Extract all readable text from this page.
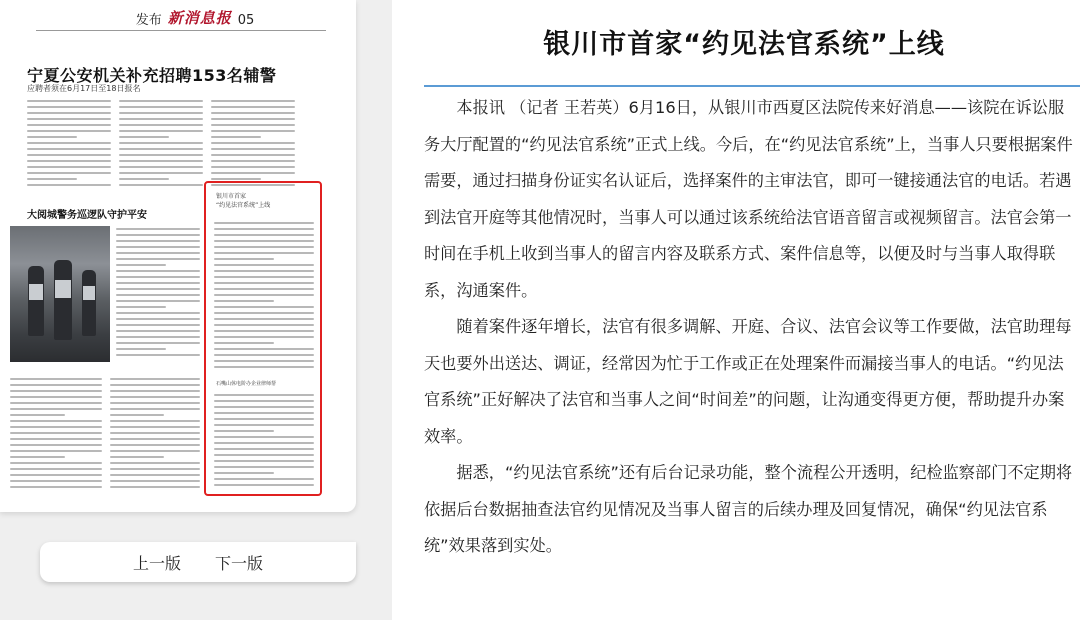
发布 新消息报 05
宁夏公安机关补充招聘153名辅警
应聘者须在6月17日至18日报名
大阅城警务巡逻队守护平安
银川市首家
“约见法官系统”上线
石嘴山休电阶办企业律师帮
上一版 下一版
银川市首家“约见法官系统”上线

本报讯 （记者 王若英）6月16日，从银川市西夏区法院传来好消息——该院在诉讼服务大厅配置的“约见法官系统”正式上线。今后，在“约见法官系统”上，当事人只要根据案件需要，通过扫描身份证实名认证后，选择案件的主审法官，即可一键接通法官的电话。若遇到法官开庭等其他情况时，当事人可以通过该系统给法官语音留言或视频留言。法官会第一时间在手机上收到当事人的留言内容及联系方式、案件信息等，以便及时与当事人取得联系，沟通案件。

随着案件逐年增长，法官有很多调解、开庭、合议、法官会议等工作要做，法官助理每天也要外出送达、调证，经常因为忙于工作或正在处理案件而漏接当事人的电话。“约见法官系统”正好解决了法官和当事人之间“时间差”的问题，让沟通变得更方便，帮助提升办案效率。

据悉，“约见法官系统”还有后台记录功能，整个流程公开透明，纪检监察部门不定期将依据后台数据抽查法官约见情况及当事人留言的后续办理及回复情况，确保“约见法官系统”效果落到实处。
